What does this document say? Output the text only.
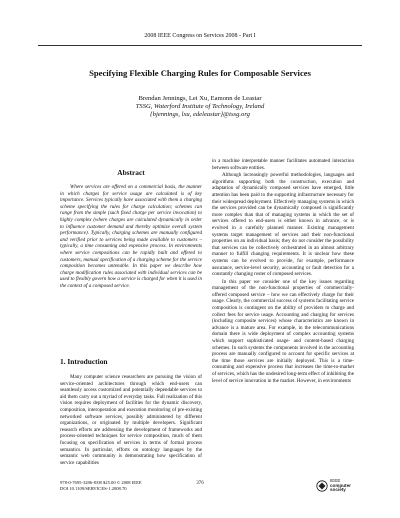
2008 IEEE Congress on Services 2008 - Part I
Specifying Flexible Charging Rules for Composable Services
Brendan Jennings, Lei Xu, Eamonn de Leastar
TSSG, Waterford Institute of Technology, Ireland
{bjennings, lxu, edeleastar}@tssg.org
Abstract

Where services are offered on a commercial basis, the manner in which charges for service usage are calculated is of key importance. Services typically have associated with them a charging scheme specifying the rules for charge calculation; schemes can range from the simple (such fixed charge per service invocation) to highly complex (where charges are calculated dynamically in order to influence customer demand and thereby optimize overall system performance). Typically, charging schemes are manually configured and verified prior to services being made available to customers – typically, a time consuming and expensive process. In environments where service compositions can be rapidly built and offered to customers, manual specification of a charging scheme for the service composition becomes untenable. In this paper we describe how charge modification rules associated with individual services can be used to flexibly govern how a service is charged for when it is used in the context of a composed service.

1. Introduction

Many computer science researchers are pursuing the vision of service-oriented architectures through which end-users can seamlessly access customized and potentially dependable services to aid them carry out a myriad of everyday tasks. Full realization of this vision requires deployment of facilities for the dynamic discovery, composition, interoperation and execution monitoring of pre-existing networked software services, possibly administered by different organizations, or originated by multiple developers. Significant research efforts are addressing the development of frameworks and process-oriented techniques for service composition, much of them focusing on specification of services in terms of formal process semantics. In particular, efforts on ontology languages by the semantic web community is demonstrating how specification of service capabilities

in a machine interpretable manner facilitates automated interaction between software entities.

Although increasingly powerful methodologies, languages and algorithms supporting both the construction, execution and adaptation of dynamically composed services have emerged, little attention has been paid to the supporting infrastructure necessary for their widespread deployment. Effectively managing systems in which the services provided can be dynamically composed is significantly more complex than that of managing systems in which the set of services offered to end-users is either known in advance, or is evolved in a carefully planned manner. Existing management systems target management of services and their non-functional properties on an individual basis; they do not consider the possibility that services can be collectively orchestrated in an almost arbitrary manner to fulfill changing requirements. It is unclear how these systems can be evolved to provide, for example, performance assurance, service-level security, accounting or fault detection for a constantly changing roster of composed services.

In this paper we consider one of the key issues regarding management of the non-functional properties of commercially-offered composed service – how we can effectively charge for their usage. Clearly, the commercial success of systems facilitating service composition is contingent on the ability of providers to charge and collect fees for service usage. Accounting and charging for services (including composite services) whose characteristics are known in advance is a mature area. For example, in the telecommunications domain there is wide deployment of complex accounting systems which support sophisticated usage- and content-based charging schemes. In such systems the components involved in the accounting process are manually configured to account for specific services at the time those services are initially deployed. This is a time-consuming and expensive process that increases the time-to-market of services, which has the undesired long-term effect of inhibiting the level of service innovation in the market. However, in environments

978-0-7695-3286-8/08 $25.00 © 2008 IEEE
DOI 10.1109/SERVICES-1.2008.70
376
IEEE
computer
society
